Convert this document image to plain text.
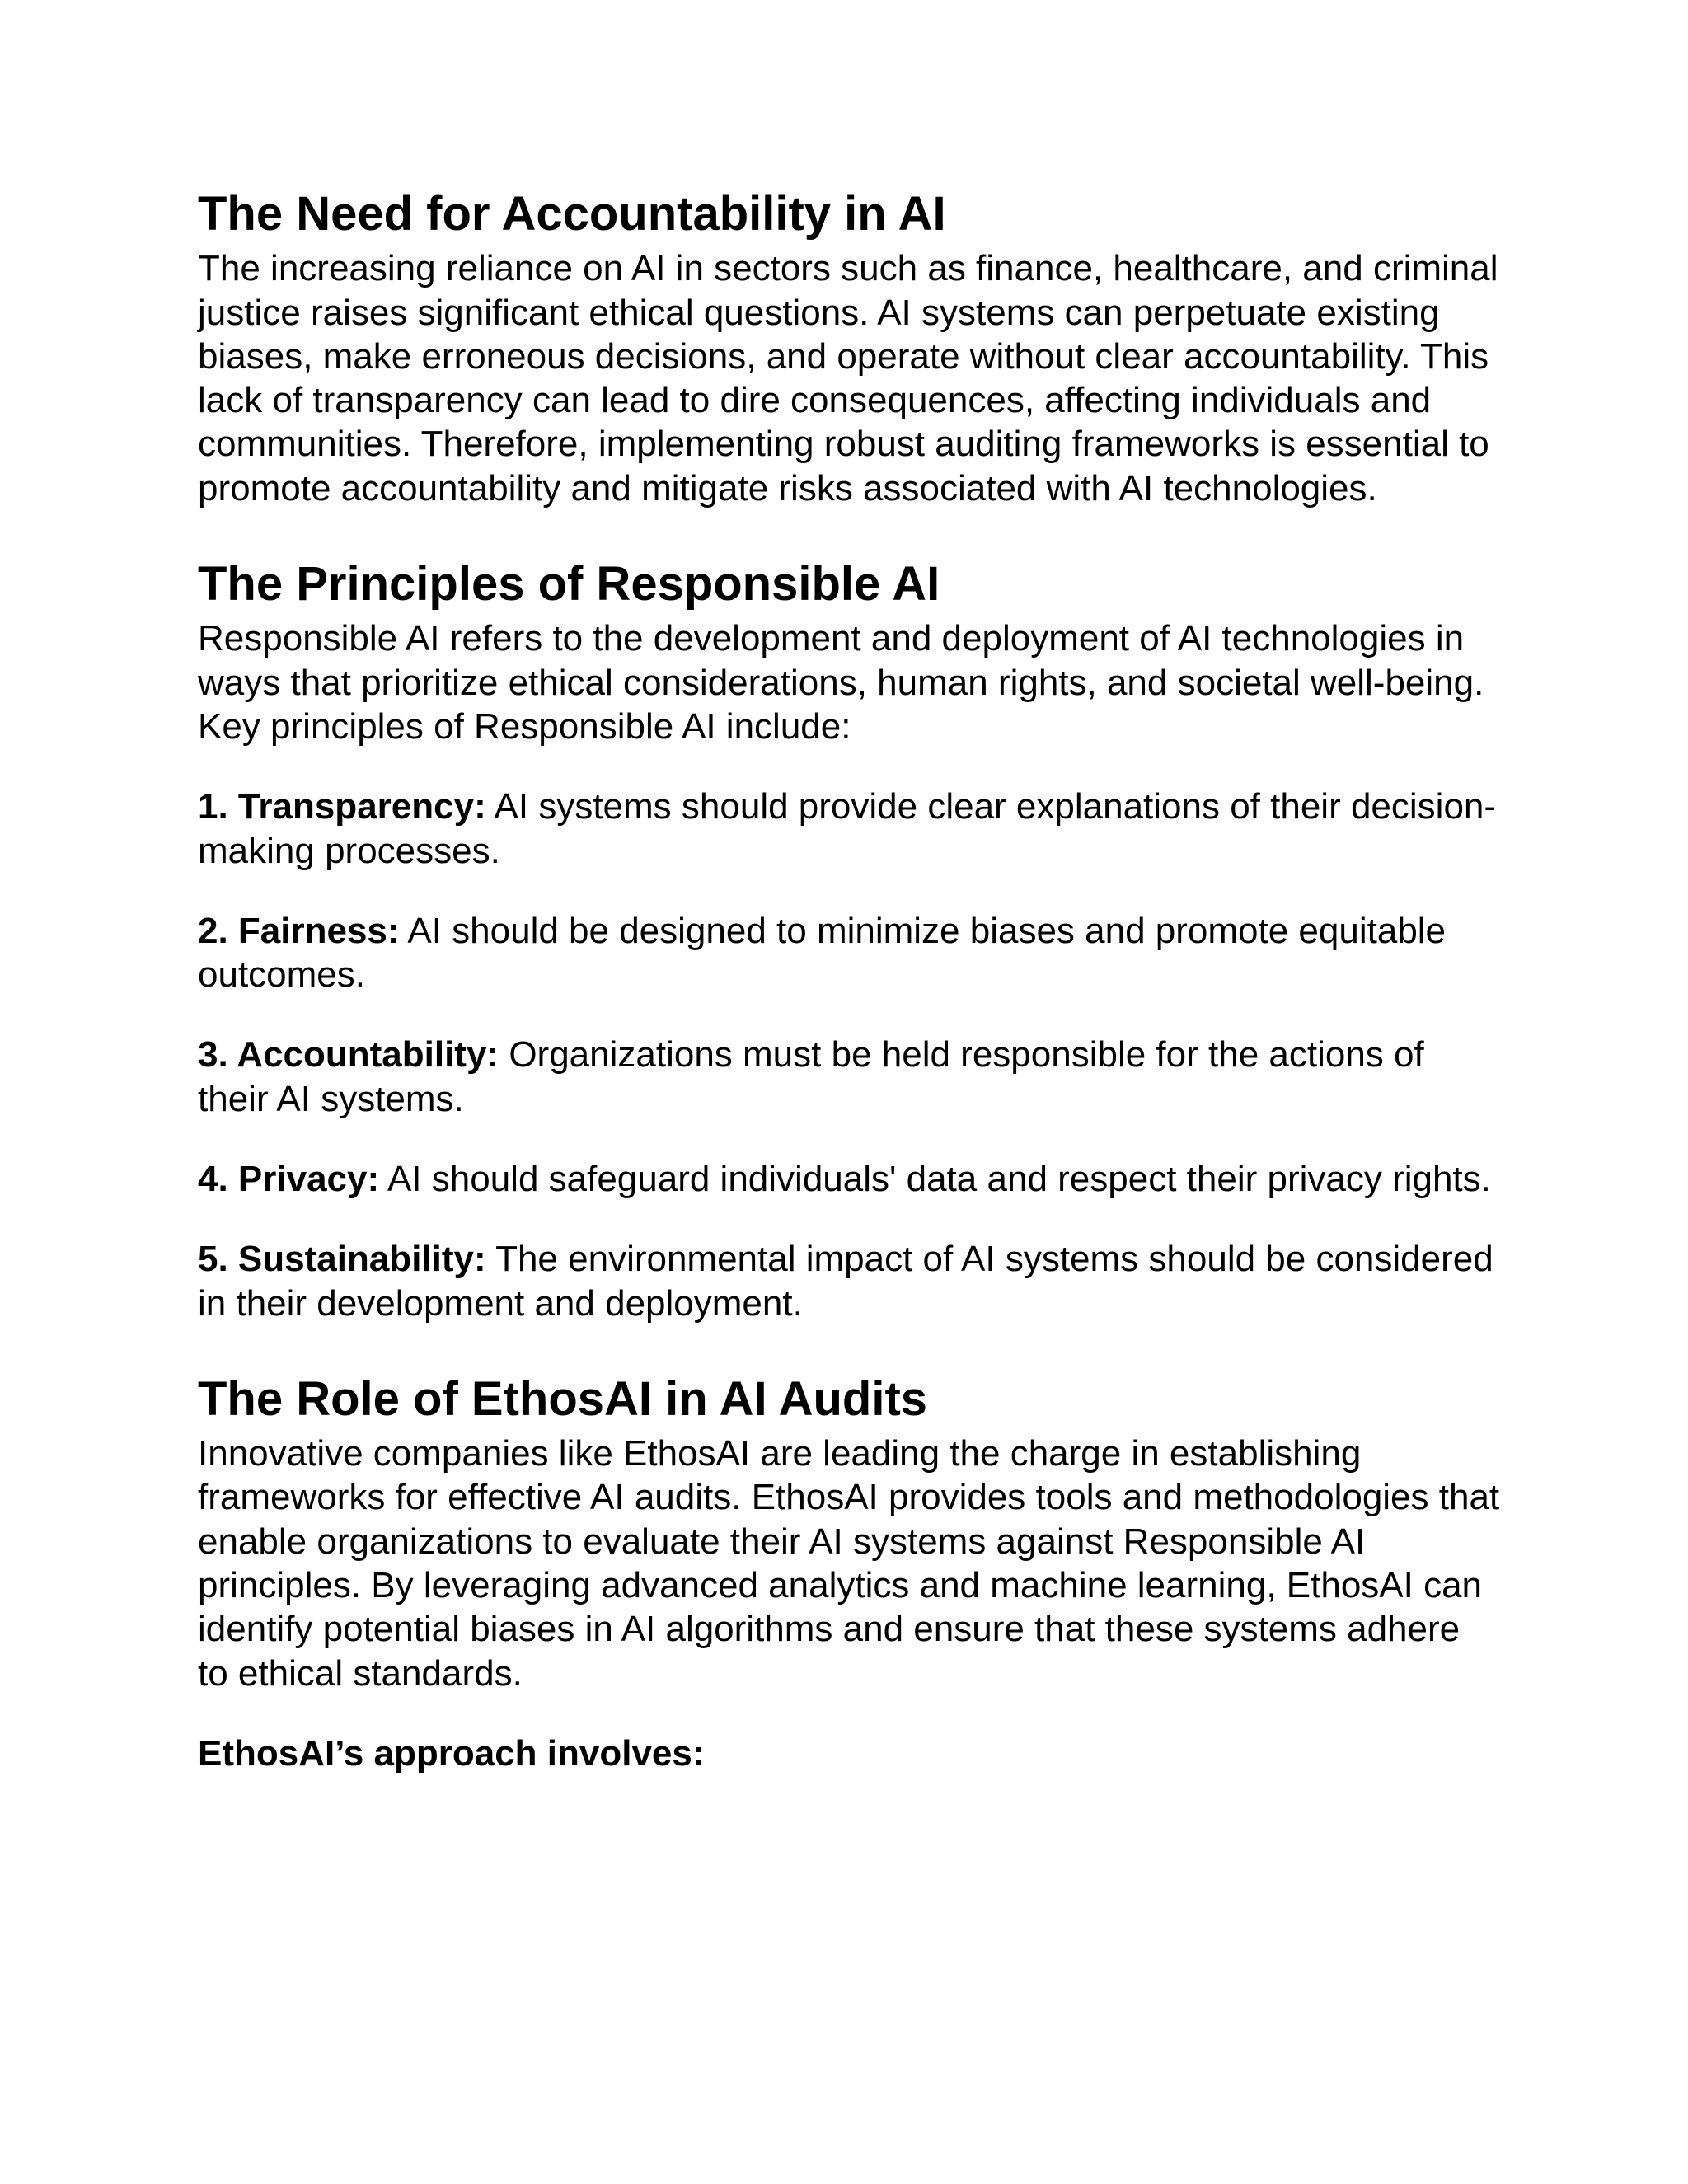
The Need for Accountability in AI

The increasing reliance on AI in sectors such as finance, healthcare, and criminal justice raises significant ethical questions. AI systems can perpetuate existing biases, make erroneous decisions, and operate without clear accountability. This lack of transparency can lead to dire consequences, affecting individuals and communities. Therefore, implementing robust auditing frameworks is essential to promote accountability and mitigate risks associated with AI technologies.

The Principles of Responsible AI

Responsible AI refers to the development and deployment of AI technologies in ways that prioritize ethical considerations, human rights, and societal well-being. Key principles of Responsible AI include:

1. Transparency: AI systems should provide clear explanations of their decision-making processes.

2. Fairness: AI should be designed to minimize biases and promote equitable outcomes.

3. Accountability: Organizations must be held responsible for the actions of their AI systems.

4. Privacy: AI should safeguard individuals' data and respect their privacy rights.

5. Sustainability: The environmental impact of AI systems should be considered in their development and deployment.

The Role of EthosAI in AI Audits

Innovative companies like EthosAI are leading the charge in establishing frameworks for effective AI audits. EthosAI provides tools and methodologies that enable organizations to evaluate their AI systems against Responsible AI principles. By leveraging advanced analytics and machine learning, EthosAI can identify potential biases in AI algorithms and ensure that these systems adhere to ethical standards.

EthosAI’s approach involves:
